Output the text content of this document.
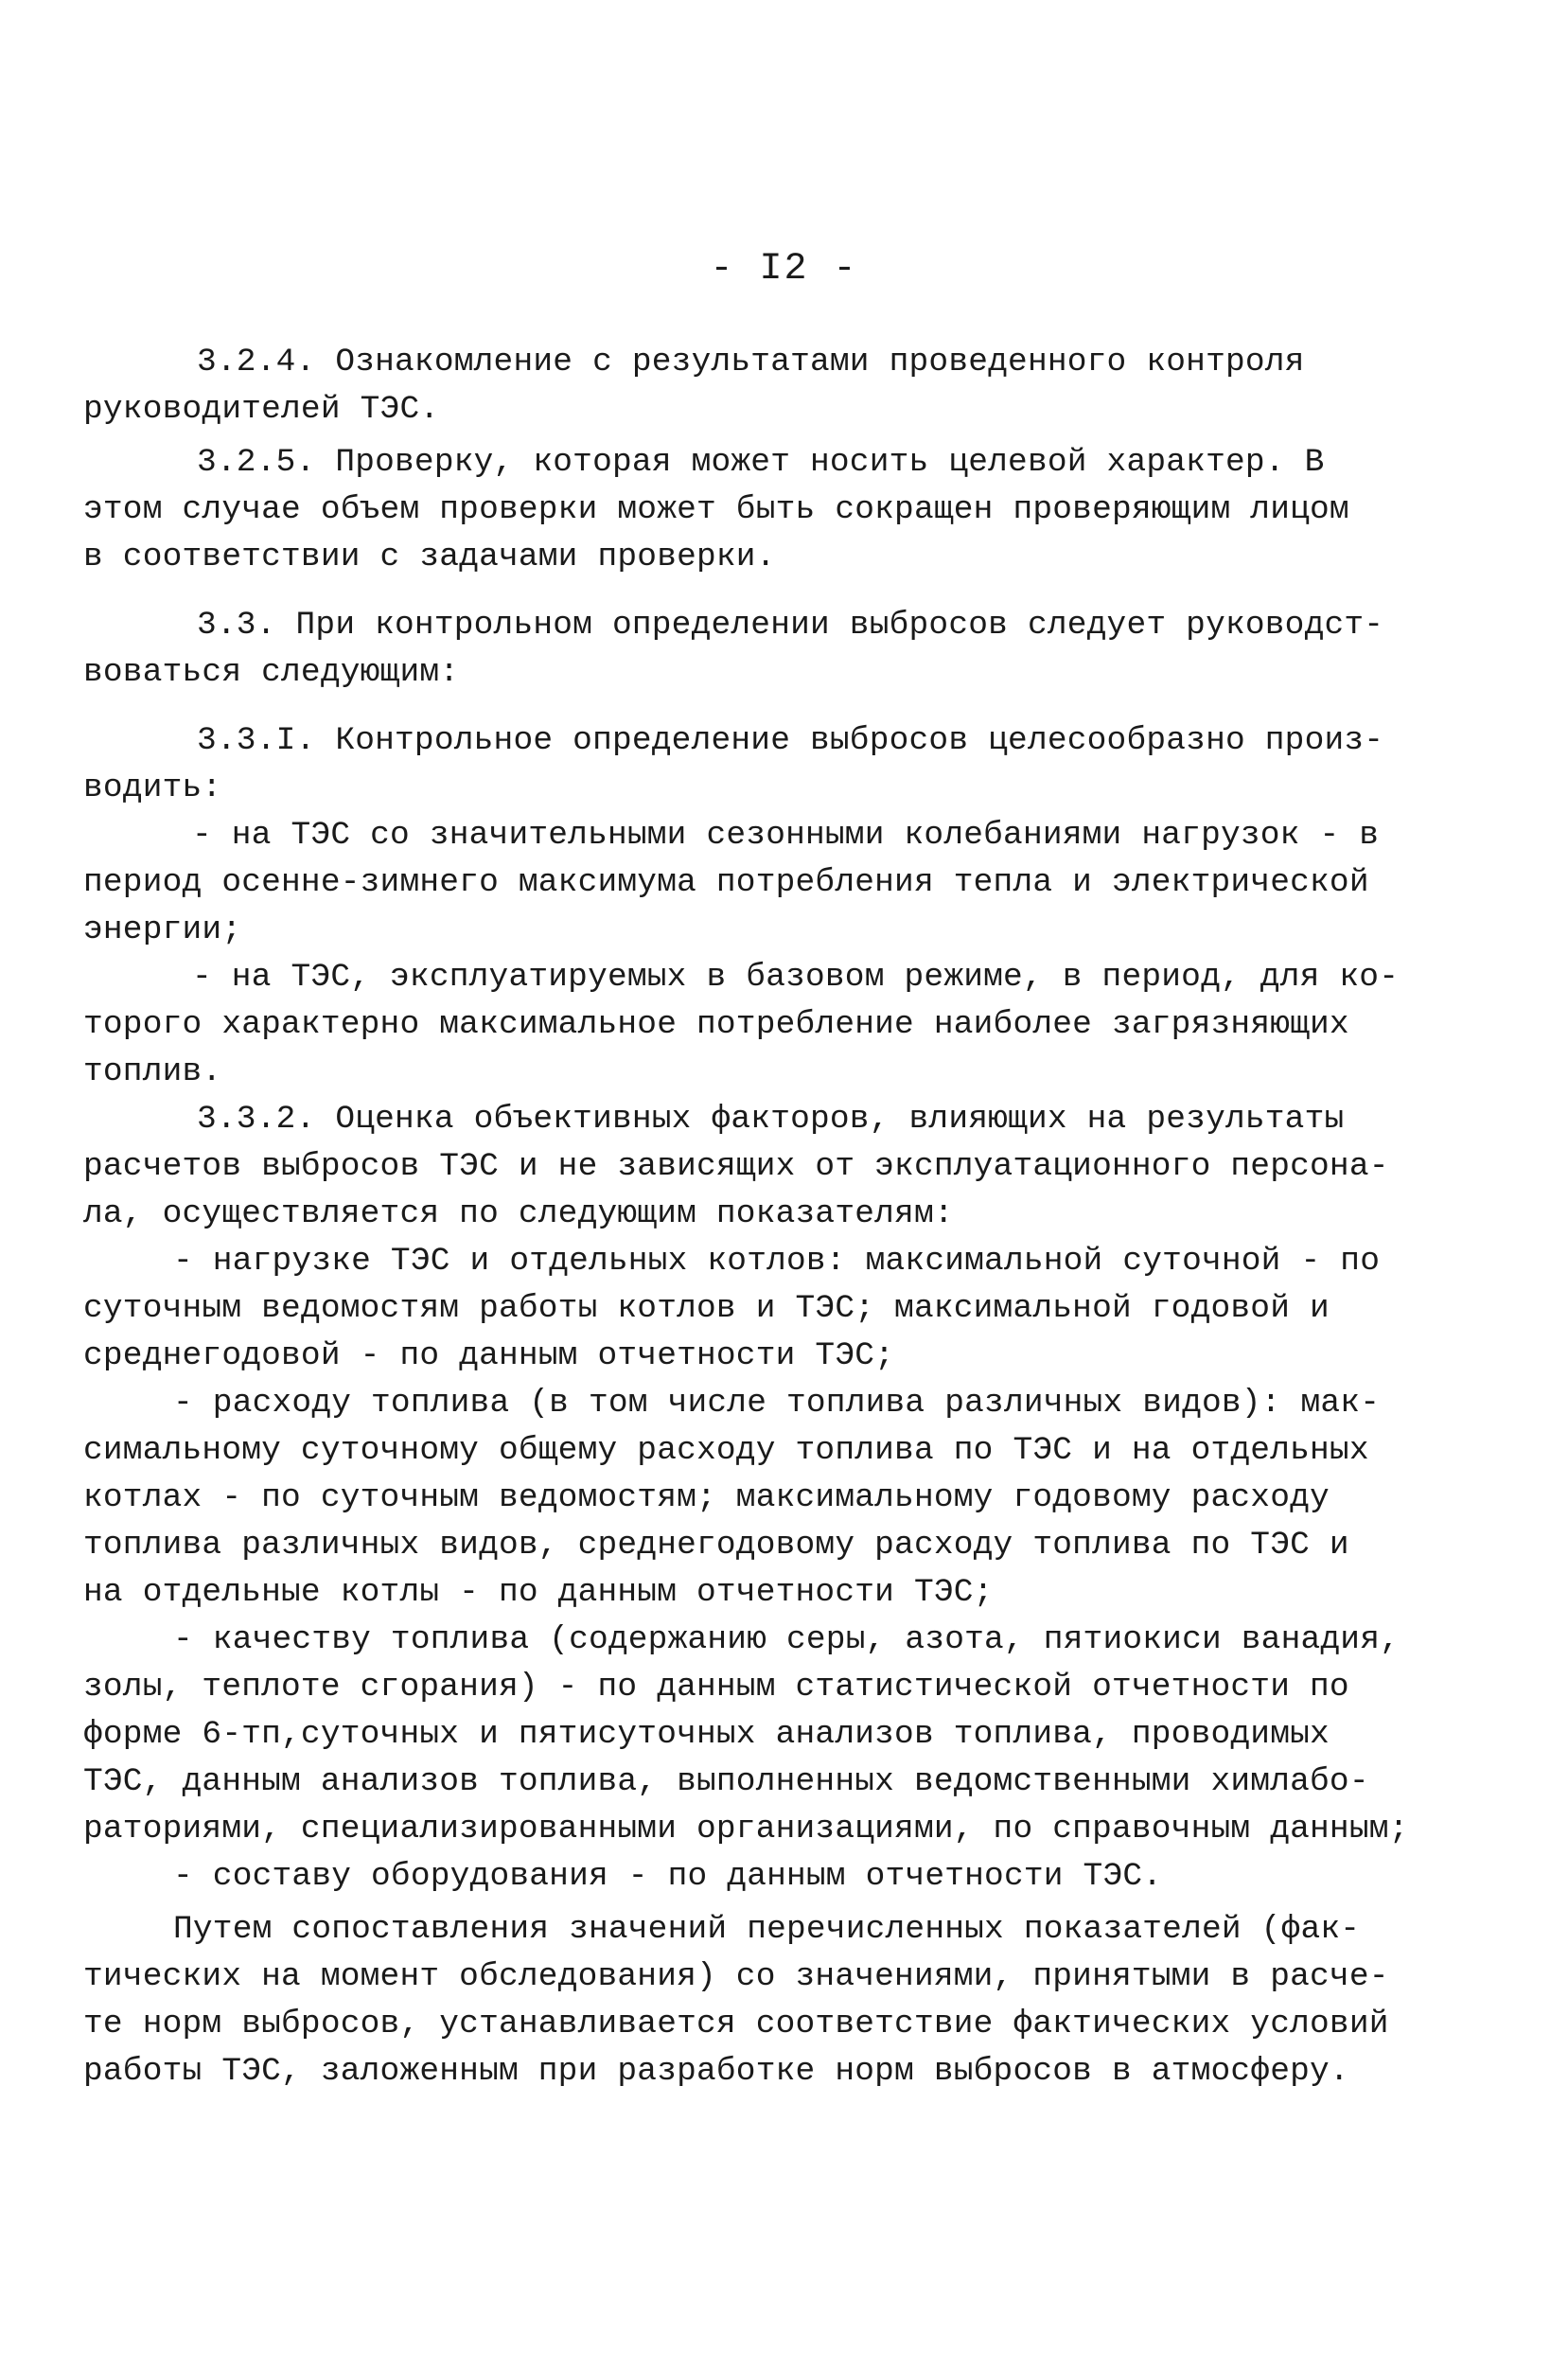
- I2 -
3.2.4. Ознакомление с результатами проведенного контроля
руководителей ТЭС.
3.2.5. Проверку, которая может носить целевой характер. В
этом случае объем проверки может быть сокращен проверяющим лицом
в соответствии с задачами проверки.
3.3. При контрольном определении выбросов следует руководст-
воваться следующим:
3.3.I. Контрольное определение выбросов целесообразно произ-
водить:
- на ТЭС со значительными сезонными колебаниями нагрузок - в
период осенне-зимнего максимума потребления тепла и электрической
энергии;
- на ТЭС, эксплуатируемых в базовом режиме, в период, для ко-
торого характерно максимальное потребление наиболее загрязняющих
топлив.
3.3.2. Оценка объективных факторов, влияющих на результаты
расчетов выбросов ТЭС и не зависящих от эксплуатационного персона-
ла, осуществляется по следующим показателям:
- нагрузке ТЭС и отдельных котлов: максимальной суточной - по
суточным ведомостям работы котлов и ТЭС; максимальной годовой и
среднегодовой - по данным отчетности ТЭС;
- расходу топлива (в том числе топлива различных видов): мак-
симальному суточному общему расходу топлива по ТЭС и на отдельных
котлах - по суточным ведомостям; максимальному годовому расходу
топлива различных видов, среднегодовому расходу топлива по ТЭС и
на отдельные котлы - по данным отчетности ТЭС;
- качеству топлива (содержанию серы, азота, пятиокиси ванадия,
золы, теплоте сгорания) - по данным статистической отчетности по
форме 6-тп,суточных и пятисуточных анализов топлива, проводимых
ТЭС, данным анализов топлива, выполненных ведомственными химлабо-
раториями, специализированными организациями, по справочным данным;
- составу оборудования - по данным отчетности ТЭС.
Путем сопоставления значений перечисленных показателей (фак-
тических на момент обследования) со значениями, принятыми в расче-
те норм выбросов, устанавливается соответствие фактических условий
работы ТЭС, заложенным при разработке норм выбросов в атмосферу.
